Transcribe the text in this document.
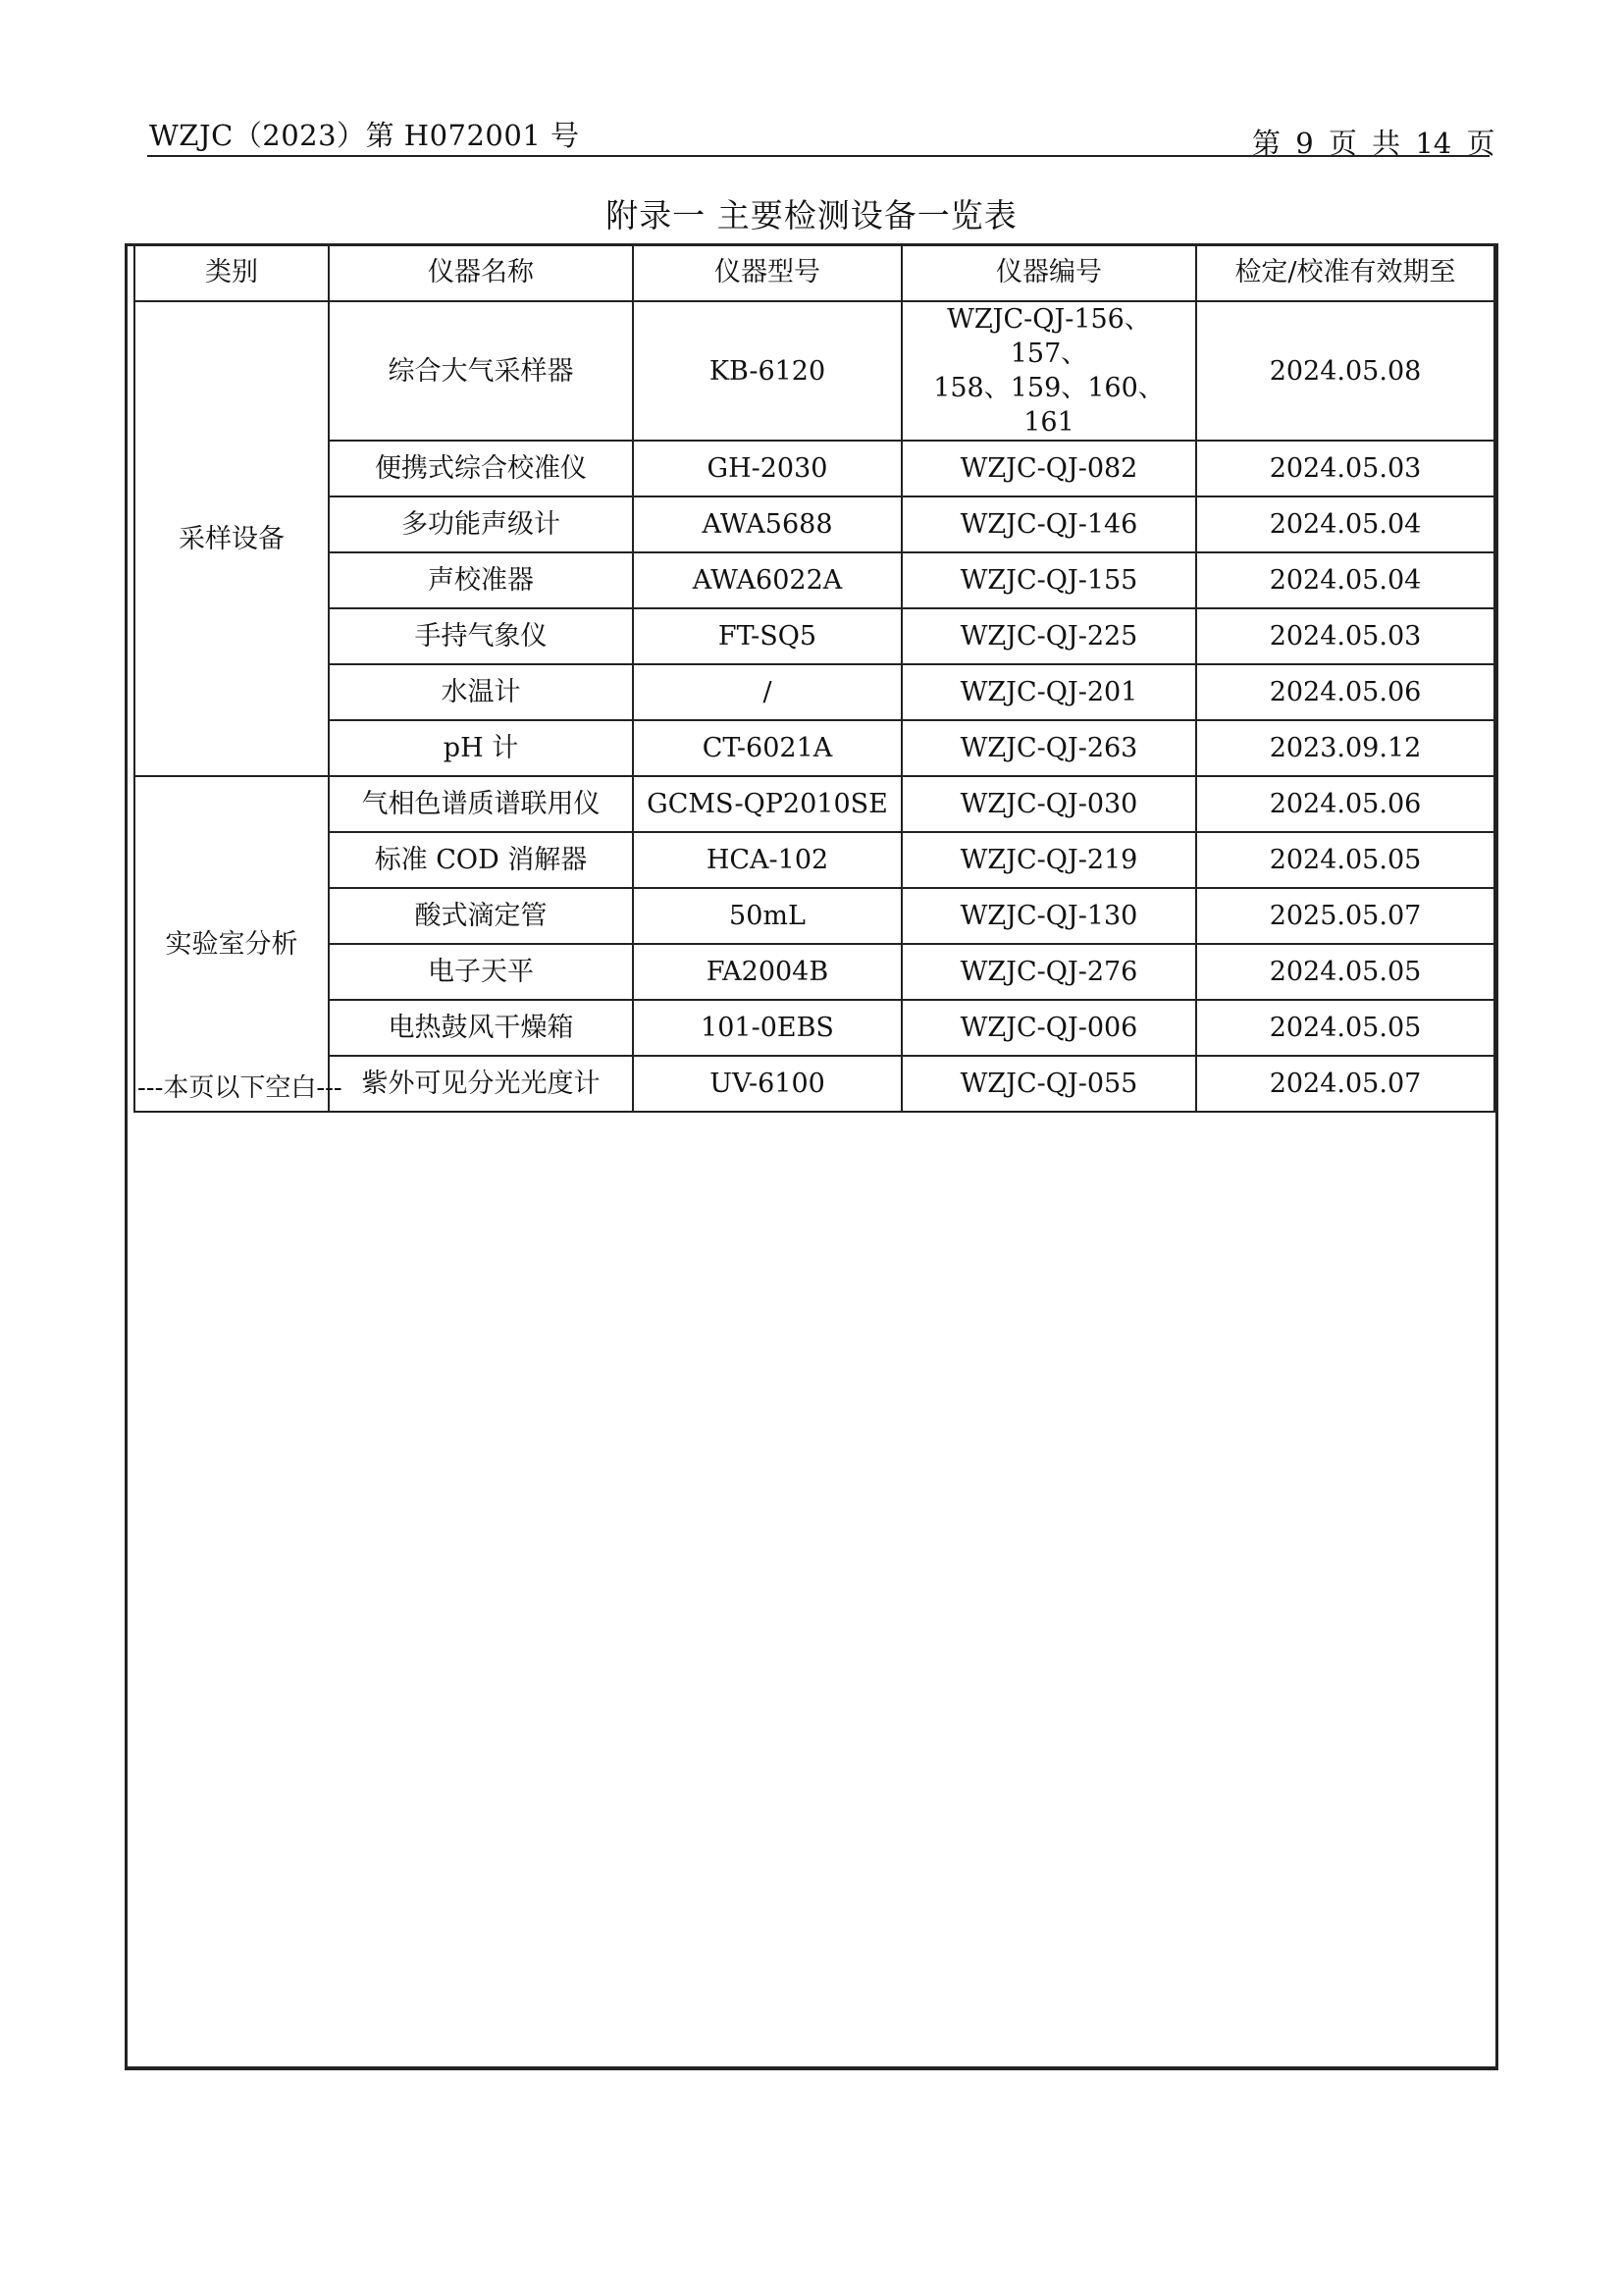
WZJC（2023）第 H072001 号	第 9 页 共 14 页
附录一 主要检测设备一览表
类别	仪器名称	仪器型号	仪器编号	检定/校准有效期至
采样设备	综合大气采样器	KB-6120	WZJC-QJ-156、157、
158、159、160、161	2024.05.08
	便携式综合校准仪	GH-2030	WZJC-QJ-082	2024.05.03
	多功能声级计	AWA5688	WZJC-QJ-146	2024.05.04
	声校准器	AWA6022A	WZJC-QJ-155	2024.05.04
	手持气象仪	FT-SQ5	WZJC-QJ-225	2024.05.03
	水温计	/	WZJC-QJ-201	2024.05.06
	pH 计	CT-6021A	WZJC-QJ-263	2023.09.12
实验室分析	气相色谱质谱联用仪	GCMS-QP2010SE	WZJC-QJ-030	2024.05.06
	标准 COD 消解器	HCA-102	WZJC-QJ-219	2024.05.05
	酸式滴定管	50mL	WZJC-QJ-130	2025.05.07
	电子天平	FA2004B	WZJC-QJ-276	2024.05.05
	电热鼓风干燥箱	101-0EBS	WZJC-QJ-006	2024.05.05
	紫外可见分光光度计	UV-6100	WZJC-QJ-055	2024.05.07
---本页以下空白---
